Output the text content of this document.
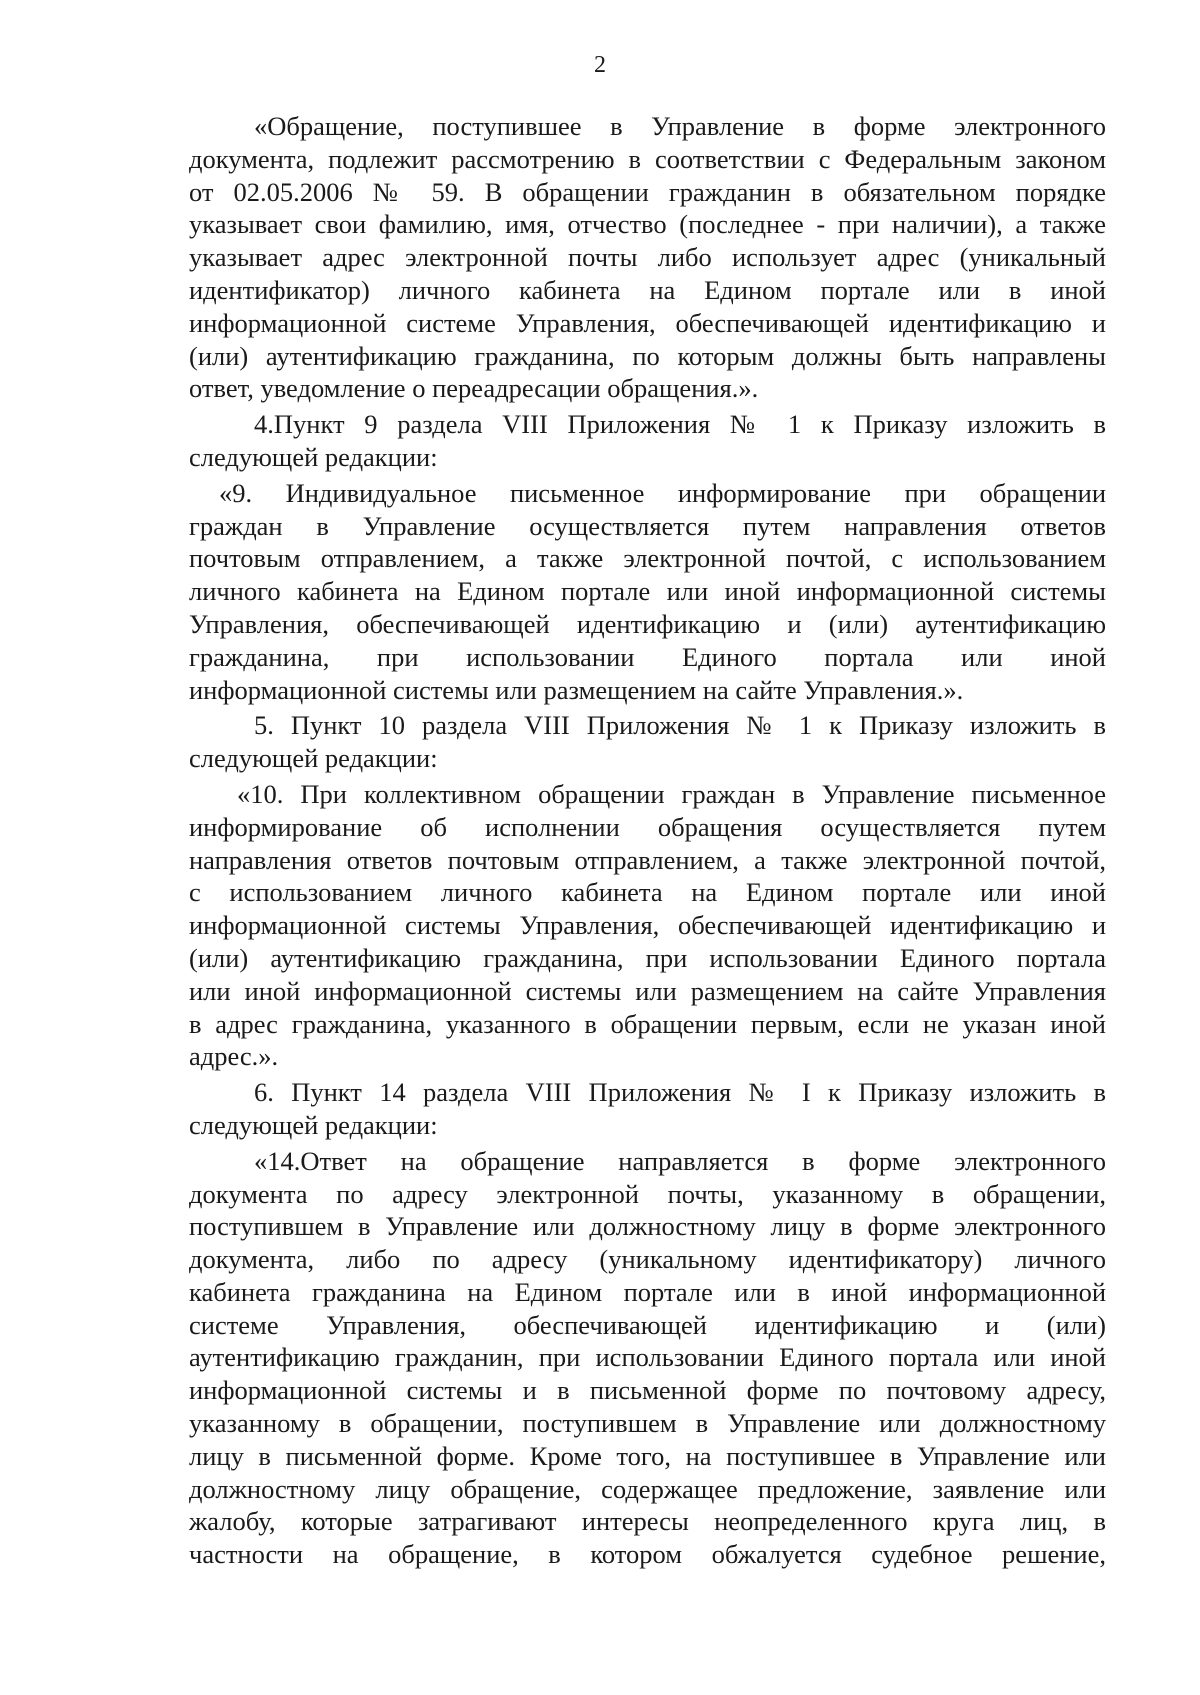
2
«Обращение, поступившее в Управление в форме электронного
документа, подлежит рассмотрению в соответствии с Федеральным законом
от 02.05.2006 № 59. В обращении гражданин в обязательном порядке
указывает свои фамилию, имя, отчество (последнее - при наличии), а также
указывает адрес электронной почты либо использует адрес (уникальный
идентификатор) личного кабинета на Едином портале или в иной
информационной системе Управления, обеспечивающей идентификацию и
(или) аутентификацию гражданина, по которым должны быть направлены
ответ, уведомление о переадресации обращения.».
4.Пункт 9 раздела VIII Приложения № 1 к Приказу изложить в
следующей редакции:
«9. Индивидуальное письменное информирование при обращении
граждан в Управление осуществляется путем направления ответов
почтовым отправлением, а также электронной почтой, с использованием
личного кабинета на Едином портале или иной информационной системы
Управления, обеспечивающей идентификацию и (или) аутентификацию
гражданина, при использовании Единого портала или иной
информационной системы или размещением на сайте Управления.».
5. Пункт 10 раздела VIII Приложения № 1 к Приказу изложить в
следующей редакции:
«10. При коллективном обращении граждан в Управление письменное
информирование об исполнении обращения осуществляется путем
направления ответов почтовым отправлением, а также электронной почтой,
с использованием личного кабинета на Едином портале или иной
информационной системы Управления, обеспечивающей идентификацию и
(или) аутентификацию гражданина, при использовании Единого портала
или иной информационной системы или размещением на сайте Управления
в адрес гражданина, указанного в обращении первым, если не указан иной
адрес.».
6. Пункт 14 раздела VIII Приложения № I к Приказу изложить в
следующей редакции:
«14.Ответ на обращение направляется в форме электронного
документа по адресу электронной почты, указанному в обращении,
поступившем в Управление или должностному лицу в форме электронного
документа, либо по адресу (уникальному идентификатору) личного
кабинета гражданина на Едином портале или в иной информационной
системе Управления, обеспечивающей идентификацию и (или)
аутентификацию гражданин, при использовании Единого портала или иной
информационной системы и в письменной форме по почтовому адресу,
указанному в обращении, поступившем в Управление или должностному
лицу в письменной форме. Кроме того, на поступившее в Управление или
должностному лицу обращение, содержащее предложение, заявление или
жалобу, которые затрагивают интересы неопределенного круга лиц, в
частности на обращение, в котором обжалуется судебное решение,
